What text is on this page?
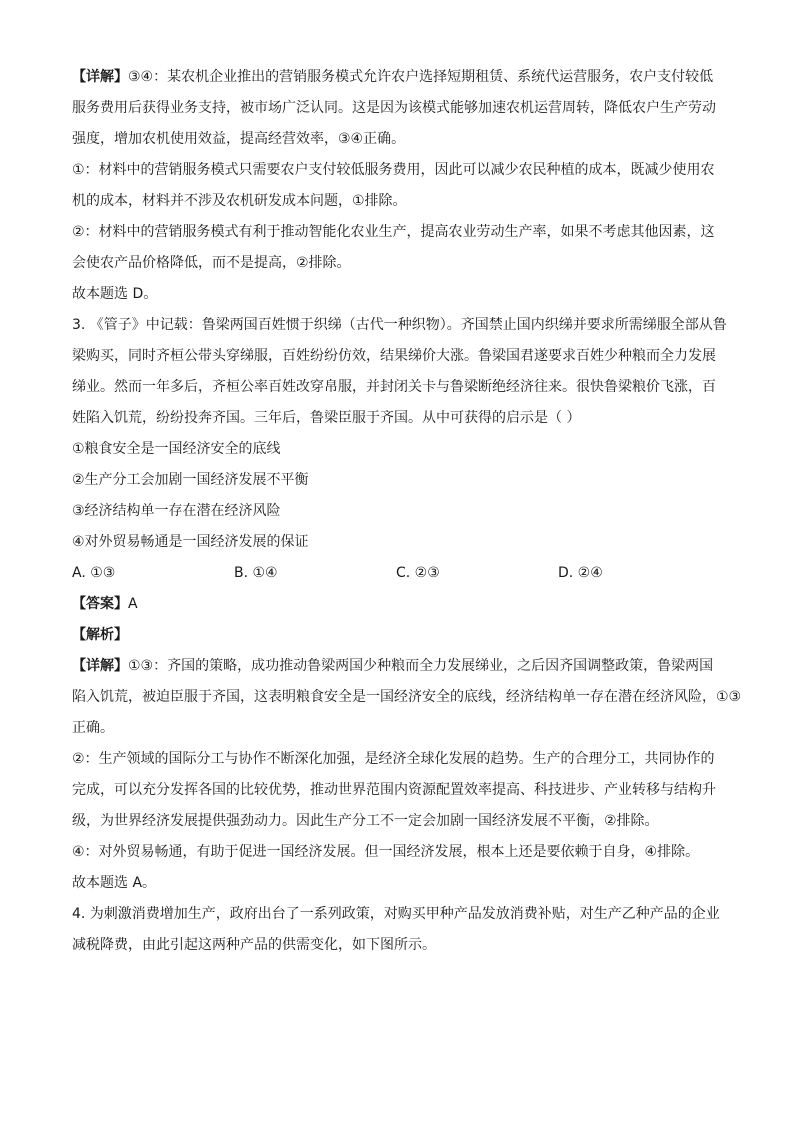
【详解】③④：某农机企业推出的营销服务模式允许农户选择短期租赁、系统代运营服务，农户支付较低

服务费用后获得业务支持，被市场广泛认同。这是因为该模式能够加速农机运营周转，降低农户生产劳动

强度，增加农机使用效益，提高经营效率，③④正确。

①：材料中的营销服务模式只需要农户支付较低服务费用，因此可以减少农民种植的成本，既减少使用农

机的成本，材料并不涉及农机研发成本问题，①排除。

②：材料中的营销服务模式有利于推动智能化农业生产，提高农业劳动生产率，如果不考虑其他因素，这

会使农产品价格降低，而不是提高，②排除。

故本题选 D。

3. 《管子》中记载：鲁梁两国百姓惯于织绨（古代一种织物）。齐国禁止国内织绨并要求所需绨服全部从鲁

梁购买，同时齐桓公带头穿绨服，百姓纷纷仿效，结果绨价大涨。鲁梁国君遂要求百姓少种粮而全力发展

绨业。然而一年多后，齐桓公率百姓改穿帛服，并封闭关卡与鲁梁断绝经济往来。很快鲁梁粮价飞涨，百

姓陷入饥荒，纷纷投奔齐国。三年后，鲁梁臣服于齐国。从中可获得的启示是（ ）

①粮食安全是一国经济安全的底线

②生产分工会加剧一国经济发展不平衡

③经济结构单一存在潜在经济风险

④对外贸易畅通是一国经济发展的保证

A. ①③	B. ①④	C. ②③	D. ②④

【答案】A

【解析】

【详解】①③：齐国的策略，成功推动鲁梁两国少种粮而全力发展绨业，之后因齐国调整政策，鲁梁两国

陷入饥荒，被迫臣服于齐国，这表明粮食安全是一国经济安全的底线，经济结构单一存在潜在经济风险，①③

正确。

②：生产领域的国际分工与协作不断深化加强，是经济全球化发展的趋势。生产的合理分工，共同协作的

完成，可以充分发挥各国的比较优势，推动世界范围内资源配置效率提高、科技进步、产业转移与结构升

级，为世界经济发展提供强劲动力。因此生产分工不一定会加剧一国经济发展不平衡，②排除。

④：对外贸易畅通，有助于促进一国经济发展。但一国经济发展，根本上还是要依赖于自身，④排除。

故本题选 A。

4. 为刺激消费增加生产，政府出台了一系列政策，对购买甲种产品发放消费补贴，对生产乙种产品的企业

减税降费，由此引起这两种产品的供需变化，如下图所示。
